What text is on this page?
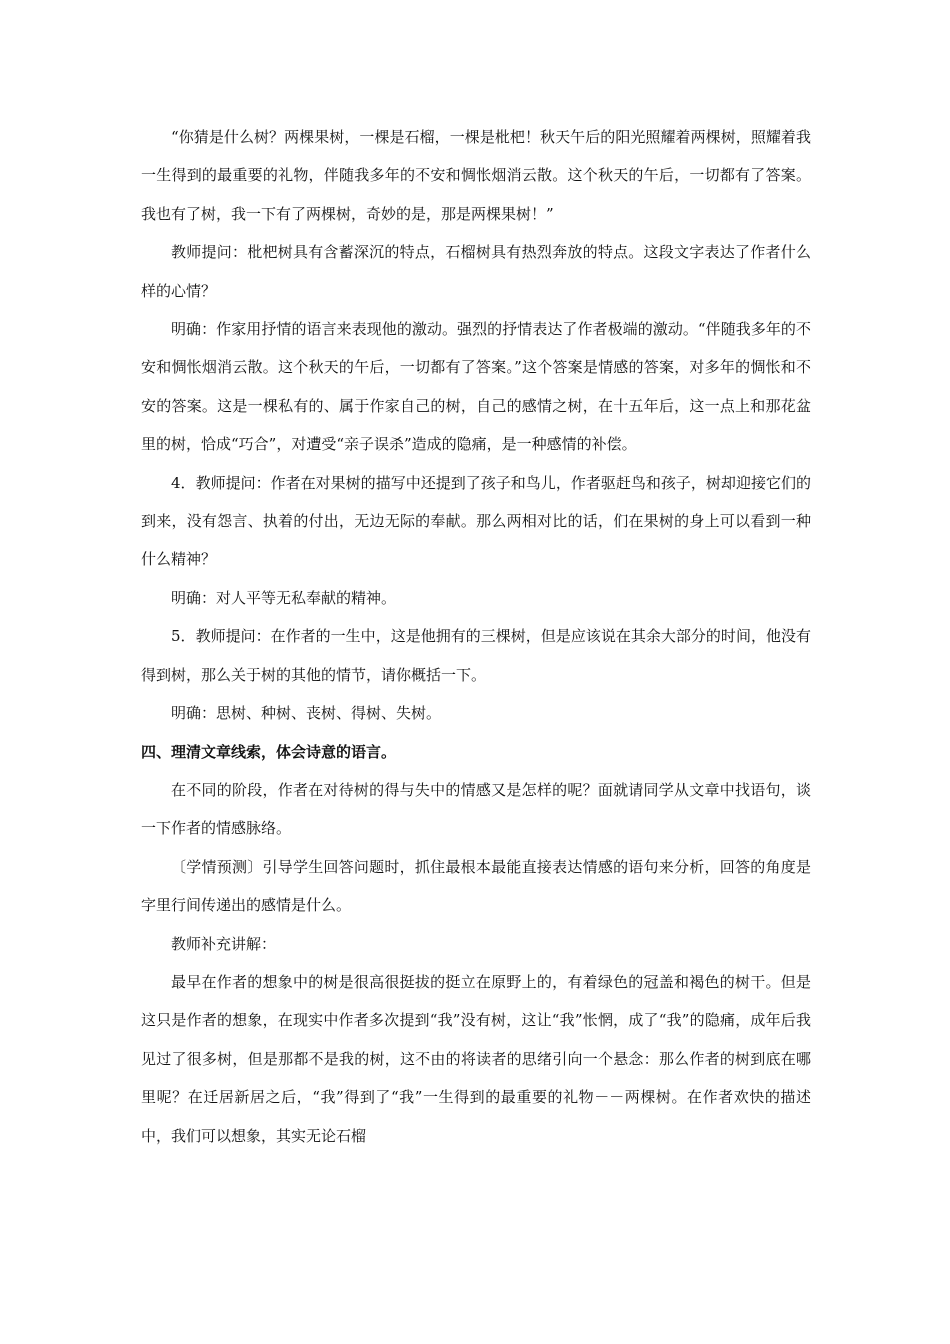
“你猜是什么树？两棵果树，一棵是石榴，一棵是枇杷！秋天午后的阳光照耀着两棵树，照耀着我一生得到的最重要的礼物，伴随我多年的不安和惆怅烟消云散。这个秋天的午后，一切都有了答案。我也有了树，我一下有了两棵树，奇妙的是，那是两棵果树！”

教师提问：枇杷树具有含蓄深沉的特点，石榴树具有热烈奔放的特点。这段文字表达了作者什么样的心情？

明确：作家用抒情的语言来表现他的激动。强烈的抒情表达了作者极端的激动。“伴随我多年的不安和惆怅烟消云散。这个秋天的午后，一切都有了答案。”这个答案是情感的答案，对多年的惆怅和不安的答案。这是一棵私有的、属于作家自己的树，自己的感情之树，在十五年后，这一点上和那花盆里的树，恰成“巧合”，对遭受“亲子误杀”造成的隐痛，是一种感情的补偿。

4．教师提问：作者在对果树的描写中还提到了孩子和鸟儿，作者驱赶鸟和孩子，树却迎接它们的到来，没有怨言、执着的付出，无边无际的奉献。那么两相对比的话，们在果树的身上可以看到一种什么精神？

明确：对人平等无私奉献的精神。

5．教师提问：在作者的一生中，这是他拥有的三棵树，但是应该说在其余大部分的时间，他没有得到树，那么关于树的其他的情节，请你概括一下。

明确：思树、种树、丧树、得树、失树。

四、理清文章线索，体会诗意的语言。

在不同的阶段，作者在对待树的得与失中的情感又是怎样的呢？面就请同学从文章中找语句，谈一下作者的情感脉络。

〔学情预测〕引导学生回答问题时，抓住最根本最能直接表达情感的语句来分析，回答的角度是字里行间传递出的感情是什么。

教师补充讲解：

最早在作者的想象中的树是很高很挺拔的挺立在原野上的，有着绿色的冠盖和褐色的树干。但是这只是作者的想象，在现实中作者多次提到“我”没有树，这让“我”怅惘，成了“我”的隐痛，成年后我见过了很多树，但是那都不是我的树，这不由的将读者的思绪引向一个悬念：那么作者的树到底在哪里呢？在迁居新居之后，“我”得到了“我”一生得到的最重要的礼物－－两棵树。在作者欢快的描述中，我们可以想象，其实无论石榴
